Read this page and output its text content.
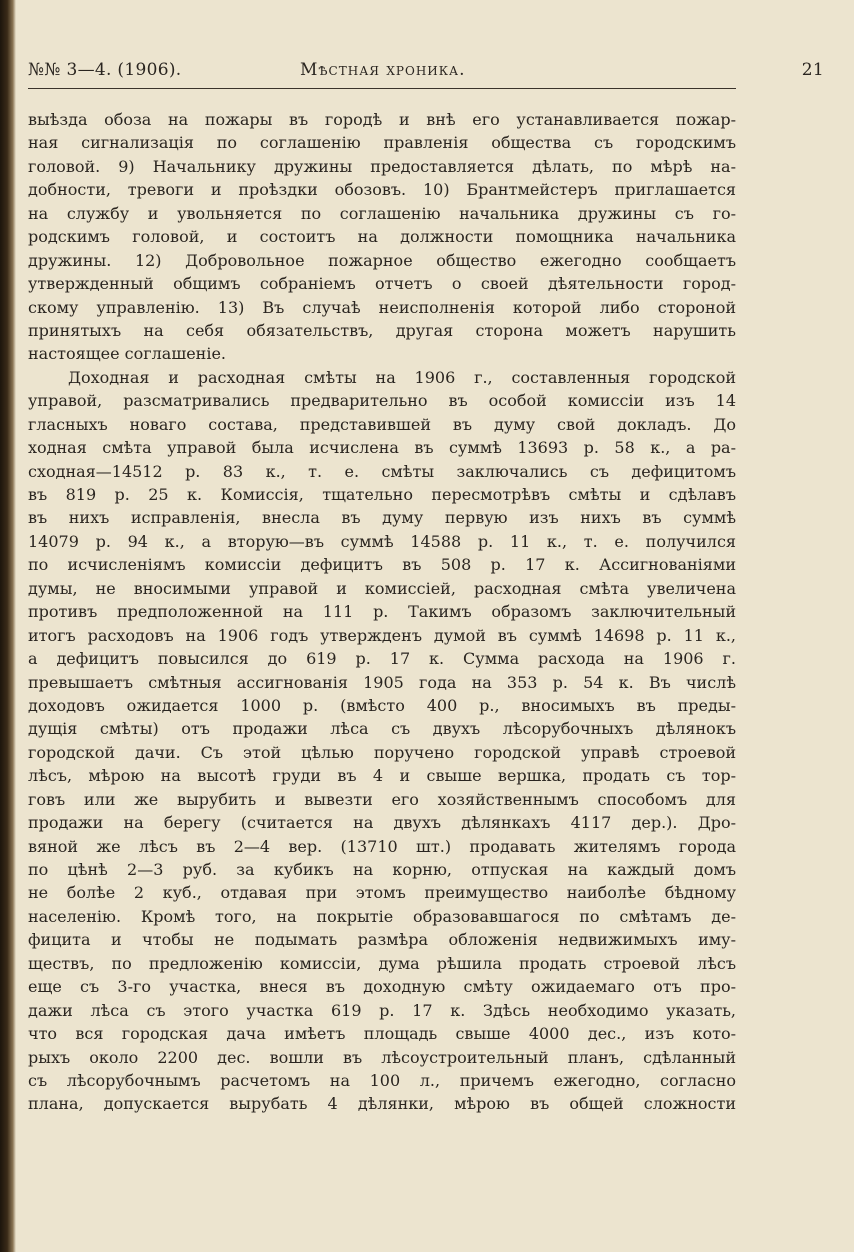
№№ 3—4. (1906).	Мѣстная хроника.	21
выѣзда обоза на пожары въ городѣ и внѣ его устанавливается пожар-
ная сигнализація по соглашенію правленія общества съ городскимъ
головой. 9) Начальнику дружины предоставляется дѣлать, по мѣрѣ на-
добности, тревоги и проѣздки обозовъ. 10) Брантмейстеръ приглашается
на службу и увольняется по соглашенію начальника дружины съ го-
родскимъ головой, и состоитъ на должности помощника начальника
дружины. 12) Добровольное пожарное общество ежегодно сообщаетъ
утвержденный общимъ собраніемъ отчетъ о своей дѣятельности город-
скому управленію. 13) Въ случаѣ неисполненія которой либо стороной
принятыхъ на себя обязательствъ, другая сторона можетъ нарушить
настоящее соглашеніе.
Доходная и расходная смѣты на 1906 г., составленныя городской
управой, разсматривались предварительно въ особой комиссіи изъ 14
гласныхъ новаго состава, представившей въ думу свой докладъ. До
ходная смѣта управой была исчислена въ суммѣ 13693 р. 58 к., а ра-
сходная—14512 р. 83 к., т. е. смѣты заключались съ дефицитомъ
въ 819 р. 25 к. Комиссія, тщательно пересмотрѣвъ смѣты и сдѣлавъ
въ нихъ исправленія, внесла въ думу первую изъ нихъ въ суммѣ
14079 р. 94 к., а вторую—въ суммѣ 14588 р. 11 к., т. е. получился
по исчисленіямъ комиссіи дефицитъ въ 508 р. 17 к. Ассигнованіями
думы, не вносимыми управой и комиссіей, расходная смѣта увеличена
противъ предположенной на 111 р. Такимъ образомъ заключительный
итогъ расходовъ на 1906 годъ утвержденъ думой въ суммѣ 14698 р. 11 к.,
а дефицитъ повысился до 619 р. 17 к. Сумма расхода на 1906 г.
превышаетъ смѣтныя ассигнованія 1905 года на 353 р. 54 к. Въ числѣ
доходовъ ожидается 1000 р. (вмѣсто 400 р., вносимыхъ въ преды-
дущія смѣты) отъ продажи лѣса съ двухъ лѣсорубочныхъ дѣлянокъ
городской дачи. Съ этой цѣлью поручено городской управѣ строевой
лѣсъ, мѣрою на высотѣ груди въ 4 и свыше вершка, продать съ тор-
говъ или же вырубить и вывезти его хозяйственнымъ способомъ для
продажи на берегу (считается на двухъ дѣлянкахъ 4117 дер.). Дро-
вяной же лѣсъ въ 2—4 вер. (13710 шт.) продавать жителямъ города
по цѣнѣ 2—3 руб. за кубикъ на корню, отпуская на каждый домъ
не болѣе 2 куб., отдавая при этомъ преимущество наиболѣе бѣдному
населенію. Кромѣ того, на покрытіе образовавшагося по смѣтамъ де-
фицита и чтобы не подымать размѣра обложенія недвижимыхъ иму-
ществъ, по предложенію комиссіи, дума рѣшила продать строевой лѣсъ
еще съ 3-го участка, внеся въ доходную смѣту ожидаемаго отъ про-
дажи лѣса съ этого участка 619 р. 17 к. Здѣсь необходимо указать,
что вся городская дача имѣетъ площадь свыше 4000 дес., изъ кото-
рыхъ около 2200 дес. вошли въ лѣсоустроительный планъ, сдѣланный
съ лѣсорубочнымъ расчетомъ на 100 л., причемъ ежегодно, согласно
плана, допускается вырубать 4 дѣлянки, мѣрою въ общей сложности
